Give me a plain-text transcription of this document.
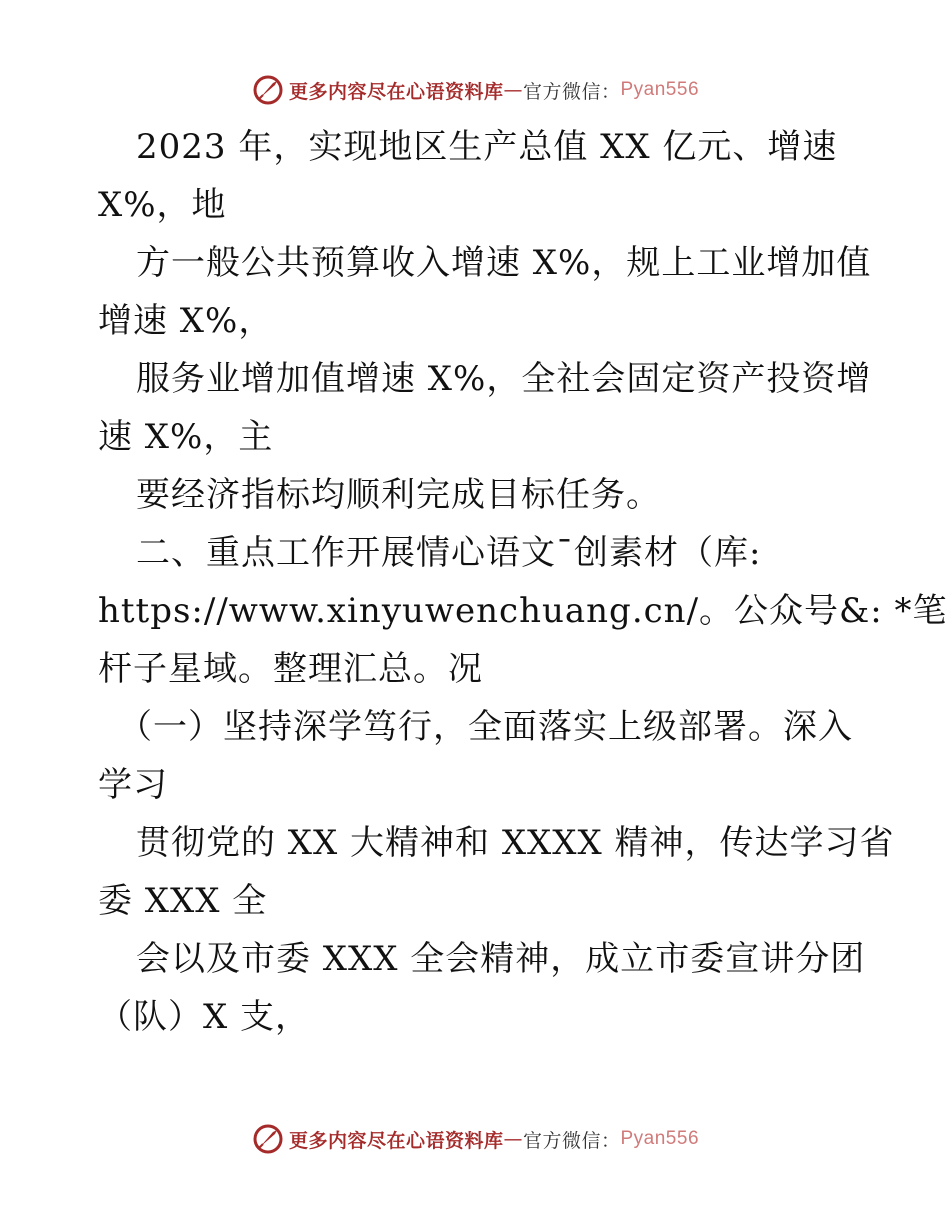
更多内容尽在心语资料库 — 官方微信： Pyan556
2023 年，实现地区生产总值 XX 亿元、增速
X%，地
方一般公共预算收入增速 X%，规上工业增加值
增速 X%，
服务业增加值增速 X%，全社会固定资产投资增
速 X%，主
要经济指标均顺利完成目标任务。
二、重点工作开展情心语文¯创素材（库:
https://www.xinyuwenchuang.cn/。公众号&: *笔
杆子星域。整理汇总。况
（一）坚持深学笃行，全面落实上级部署。深入
学习
贯彻党的 XX 大精神和 XXXX 精神，传达学习省
委 XXX 全
会以及市委 XXX 全会精神，成立市委宣讲分团
（队）X 支，
更多内容尽在心语资料库 — 官方微信： Pyan556
